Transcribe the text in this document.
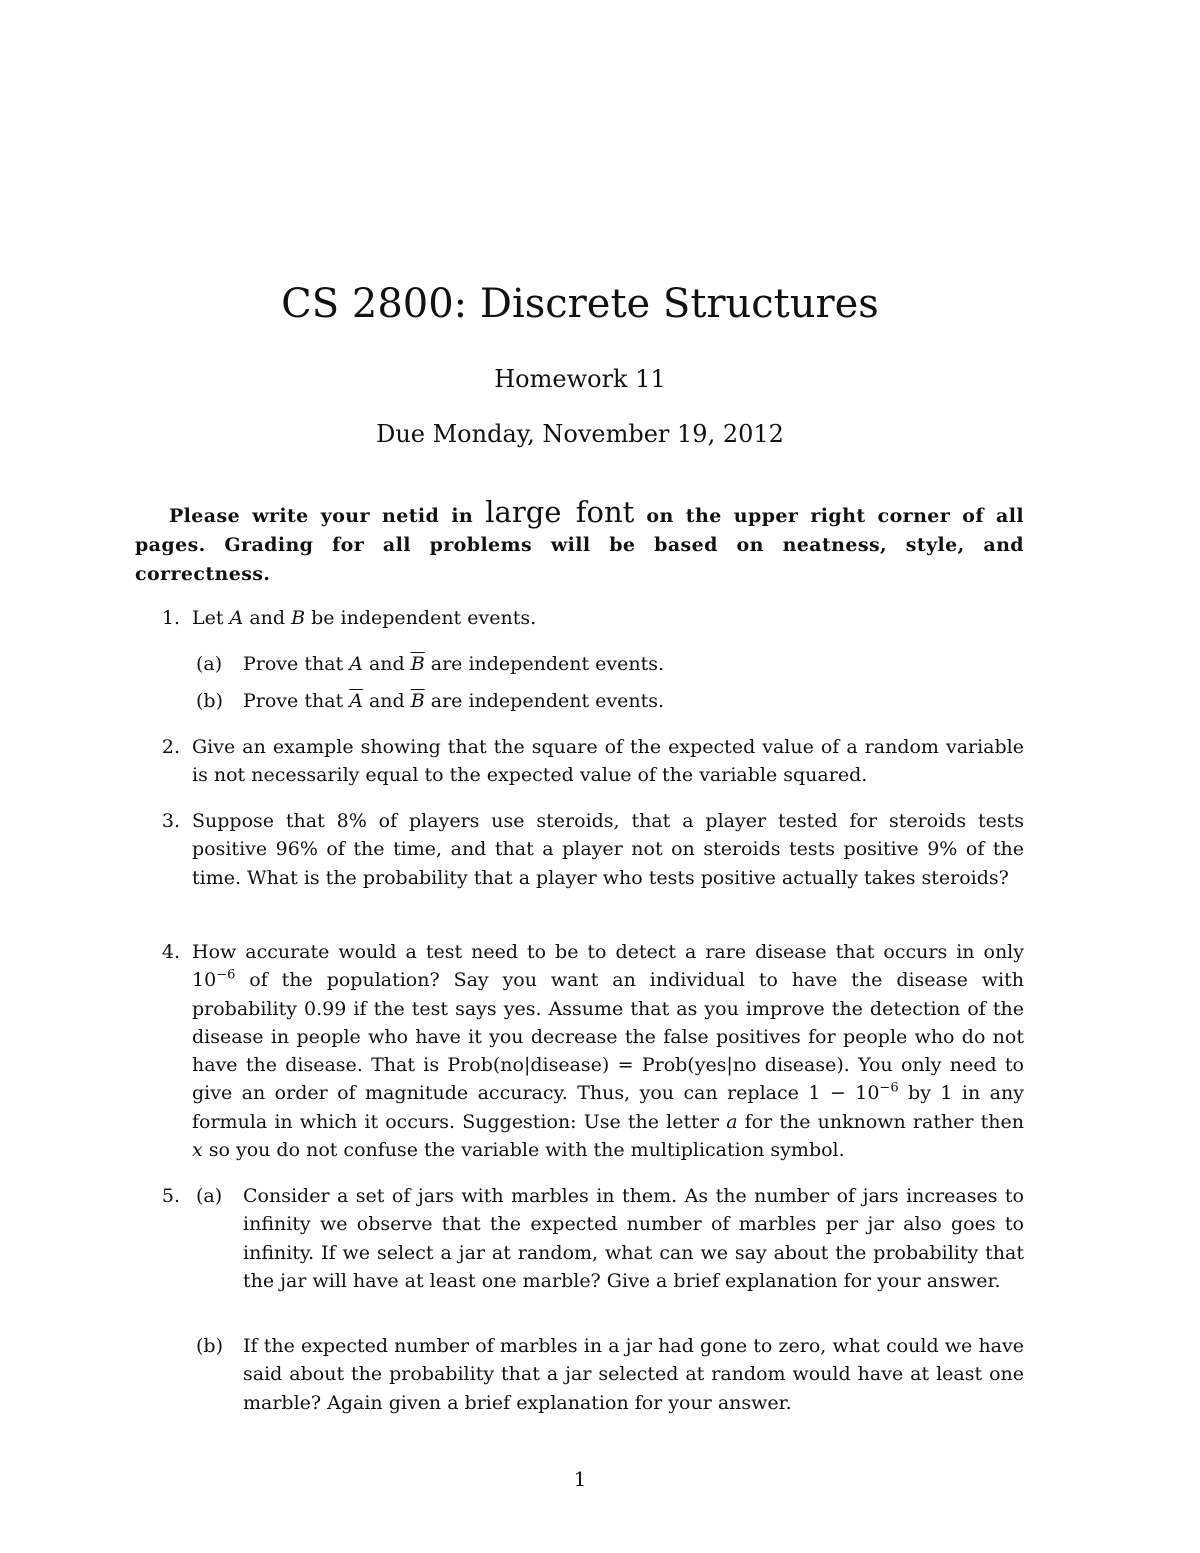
CS 2800: Discrete Structures
Homework 11
Due Monday, November 19, 2012
Please write your netid in large font on the upper right corner of all pages. Grading for all problems will be based on neatness, style, and correctness.
1. Let A and B be independent events.
(a)	Prove that A and $\overline{B}$ are independent events.
(b)	Prove that $\overline{A}$ and $\overline{B}$ are independent events.
2. Give an example showing that the square of the expected value of a random variable is not necessarily equal to the expected value of the variable squared.
3. Suppose that 8% of players use steroids, that a player tested for steroids tests positive 96% of the time, and that a player not on steroids tests positive 9% of the time. What is the probability that a player who tests positive actually takes steroids?
4. How accurate would a test need to be to detect a rare disease that occurs in only $10^{-6}$ of the population? Say you want an individual to have the disease with probability 0.99 if the test says yes. Assume that as you improve the detection of the disease in people who have it you decrease the false positives for people who do not have the disease. That is Prob(no|disease) = Prob(yes|no disease). You only need to give an order of magnitude accuracy. Thus, you can replace $1 - 10^{-6}$ by 1 in any formula in which it occurs. Suggestion: Use the letter a for the unknown rather then x so you do not confuse the variable with the multiplication symbol.
5. (a)	Consider a set of jars with marbles in them. As the number of jars increases to infinity we observe that the expected number of marbles per jar also goes to infinity. If we select a jar at random, what can we say about the probability that the jar will have at least one marble? Give a brief explanation for your answer.
(b)	If the expected number of marbles in a jar had gone to zero, what could we have said about the probability that a jar selected at random would have at least one marble? Again given a brief explanation for your answer.
1
